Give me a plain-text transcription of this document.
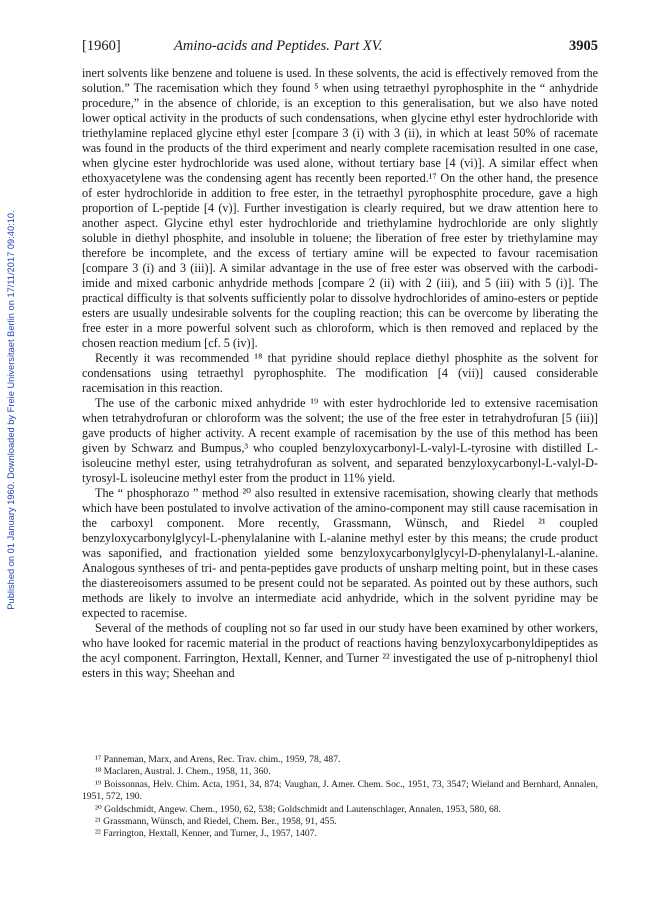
Published on 01 January 1960. Downloaded by Freie Universitaet Berlin on 17/11/2017 09:40:10.
[1960]	Amino-acids and Peptides. Part XV.	3905

inert solvents like benzene and toluene is used. In these solvents, the acid is effectively removed from the solution.” The racemisation which they found ⁵ when using tetraethyl pyrophosphite in the “ anhydride procedure,” in the absence of chloride, is an exception to this generalisation, but we also have noted lower optical activity in the products of such condensations, when glycine ethyl ester hydrochloride with triethylamine replaced glycine ethyl ester [compare 3 (i) with 3 (ii), in which at least 50% of racemate was found in the products of the third experiment and nearly complete racemisation resulted in one case, when glycine ester hydrochloride was used alone, without tertiary base [4 (vi)]. A similar effect when ethoxyacetylene was the condensing agent has recently been reported.¹⁷ On the other hand, the presence of ester hydrochloride in addition to free ester, in the tetraethyl pyrophosphite procedure, gave a high proportion of L-peptide [4 (v)]. Further investigation is clearly required, but we draw attention here to another aspect. Glycine ethyl ester hydrochloride and triethylamine hydrochloride are only slightly soluble in diethyl phosphite, and insoluble in toluene; the liberation of free ester by triethylamine may therefore be incomplete, and the excess of tertiary amine will be expected to favour racemisation [compare 3 (i) and 3 (iii)]. A similar advantage in the use of free ester was observed with the carbodi-imide and mixed carbonic anhydride methods [compare 2 (ii) with 2 (iii), and 5 (iii) with 5 (i)]. The practical difficulty is that solvents sufficiently polar to dissolve hydrochlorides of amino-esters or peptide esters are usually undesirable solvents for the coupling reaction; this can be overcome by liberating the free ester in a more powerful solvent such as chloroform, which is then removed and replaced by the chosen reaction medium [cf. 5 (iv)].

Recently it was recommended ¹⁸ that pyridine should replace diethyl phosphite as the solvent for condensations using tetraethyl pyrophosphite. The modification [4 (vii)] caused considerable racemisation in this reaction.

The use of the carbonic mixed anhydride ¹⁹ with ester hydrochloride led to extensive racemisation when tetrahydrofuran or chloroform was the solvent; the use of the free ester in tetrahydrofuran [5 (iii)] gave products of higher activity. A recent example of racemisation by the use of this method has been given by Schwarz and Bumpus,³ who coupled benzyloxycarbonyl-L-valyl-L-tyrosine with distilled L-isoleucine methyl ester, using tetrahydrofuran as solvent, and separated benzyloxycarbonyl-L-valyl-D-tyrosyl-L isoleucine methyl ester from the product in 11% yield.

The “ phosphorazo ” method ²⁰ also resulted in extensive racemisation, showing clearly that methods which have been postulated to involve activation of the amino-component may still cause racemisation in the carboxyl component. More recently, Grassmann, Wünsch, and Riedel ²¹ coupled benzyloxycarbonylglycyl-L-phenylalanine with L-alanine methyl ester by this means; the crude product was saponified, and fractionation yielded some benzyloxycarbonylglycyl-D-phenylalanyl-L-alanine. Analogous syntheses of tri- and penta-peptides gave products of unsharp melting point, but in these cases the diastereoisomers assumed to be present could not be separated. As pointed out by these authors, such methods are likely to involve an intermediate acid anhydride, which in the solvent pyridine may be expected to racemise.

Several of the methods of coupling not so far used in our study have been examined by other workers, who have looked for racemic material in the product of reactions having benzyloxycarbonyldipeptides as the acyl component. Farrington, Hextall, Kenner, and Turner ²² investigated the use of p-nitrophenyl thiol esters in this way; Sheehan and

¹⁷ Panneman, Marx, and Arens, Rec. Trav. chim., 1959, 78, 487.

¹⁸ Maclaren, Austral. J. Chem., 1958, 11, 360.

¹⁹ Boissonnas, Helv. Chim. Acta, 1951, 34, 874; Vaughan, J. Amer. Chem. Soc., 1951, 73, 3547; Wieland and Bernhard, Annalen, 1951, 572, 190.

²⁰ Goldschmidt, Angew. Chem., 1950, 62, 538; Goldschmidt and Lautenschlager, Annalen, 1953, 580, 68.

²¹ Grassmann, Wünsch, and Riedel, Chem. Ber., 1958, 91, 455.

²² Farrington, Hextall, Kenner, and Turner, J., 1957, 1407.
